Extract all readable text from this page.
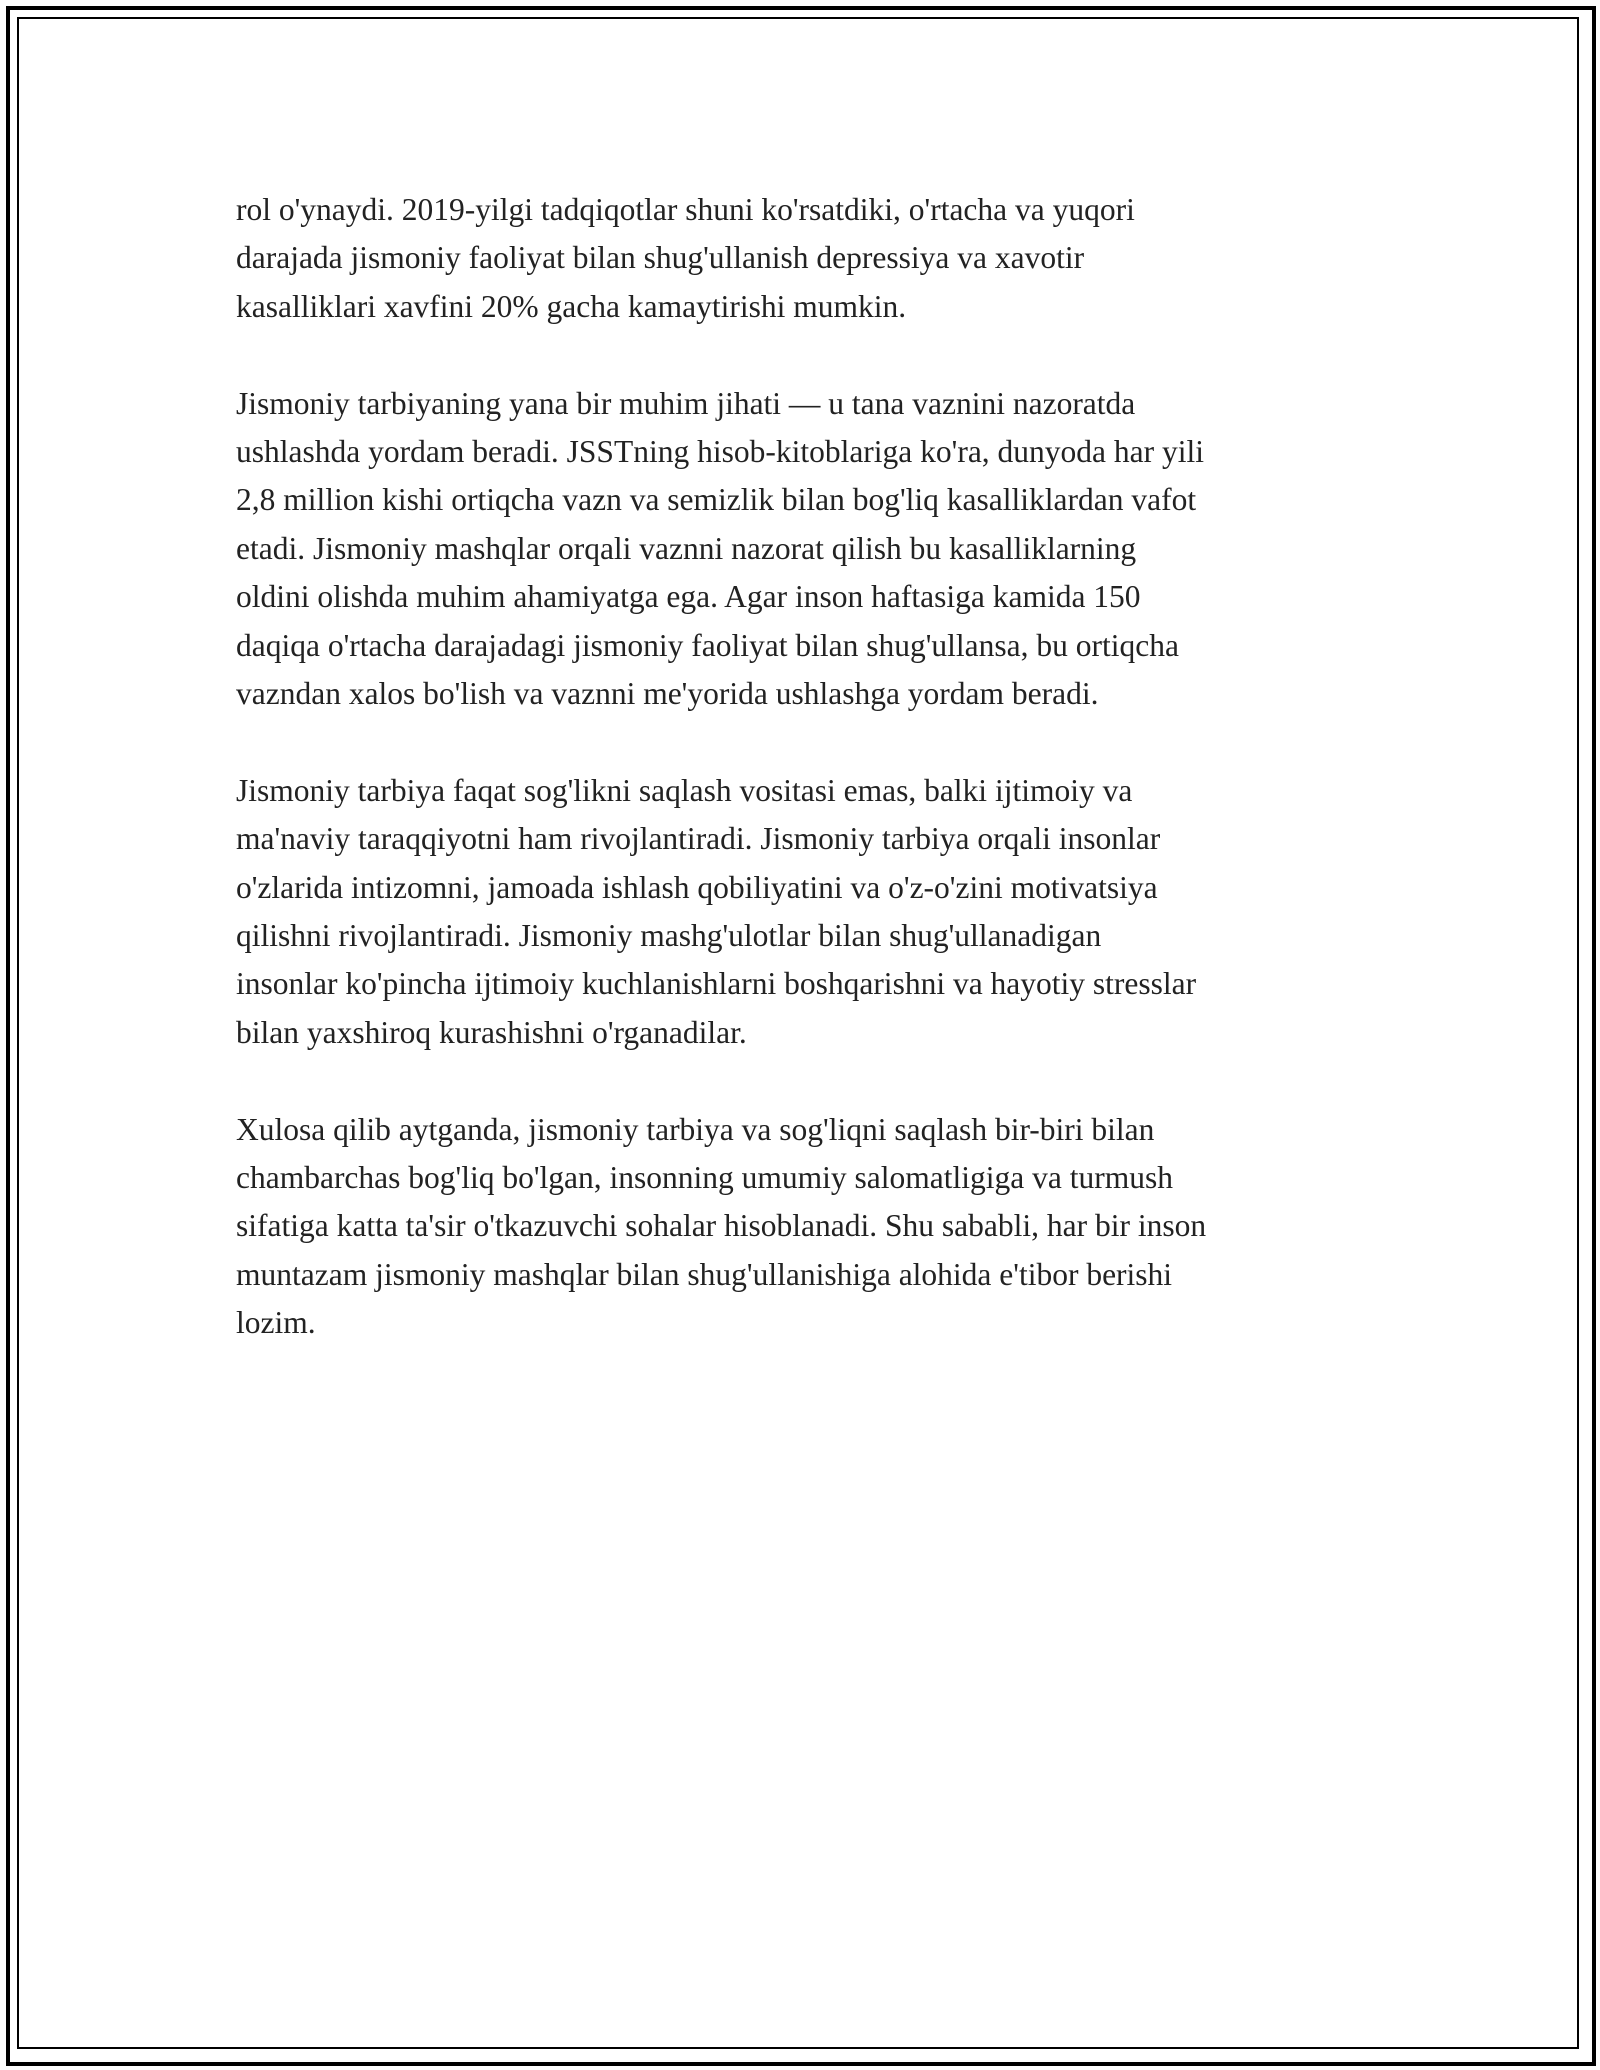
rol o'ynaydi. 2019-yilgi tadqiqotlar shuni ko'rsatdiki, o'rtacha va yuqori
darajada jismoniy faoliyat bilan shug'ullanish depressiya va xavotir
kasalliklari xavfini 20% gacha kamaytirishi mumkin.

Jismoniy tarbiyaning yana bir muhim jihati — u tana vaznini nazoratda
ushlashda yordam beradi. JSSTning hisob-kitoblariga ko'ra, dunyoda har yili
2,8 million kishi ortiqcha vazn va semizlik bilan bog'liq kasalliklardan vafot
etadi. Jismoniy mashqlar orqali vaznni nazorat qilish bu kasalliklarning
oldini olishda muhim ahamiyatga ega. Agar inson haftasiga kamida 150
daqiqa o'rtacha darajadagi jismoniy faoliyat bilan shug'ullansa, bu ortiqcha
vazndan xalos bo'lish va vaznni me'yorida ushlashga yordam beradi.

Jismoniy tarbiya faqat sog'likni saqlash vositasi emas, balki ijtimoiy va
ma'naviy taraqqiyotni ham rivojlantiradi. Jismoniy tarbiya orqali insonlar
o'zlarida intizomni, jamoada ishlash qobiliyatini va o'z-o'zini motivatsiya
qilishni rivojlantiradi. Jismoniy mashg'ulotlar bilan shug'ullanadigan
insonlar ko'pincha ijtimoiy kuchlanishlarni boshqarishni va hayotiy stresslar
bilan yaxshiroq kurashishni o'rganadilar.

Xulosa qilib aytganda, jismoniy tarbiya va sog'liqni saqlash bir-biri bilan
chambarchas bog'liq bo'lgan, insonning umumiy salomatligiga va turmush
sifatiga katta ta'sir o'tkazuvchi sohalar hisoblanadi. Shu sababli, har bir inson
muntazam jismoniy mashqlar bilan shug'ullanishiga alohida e'tibor berishi
lozim.
